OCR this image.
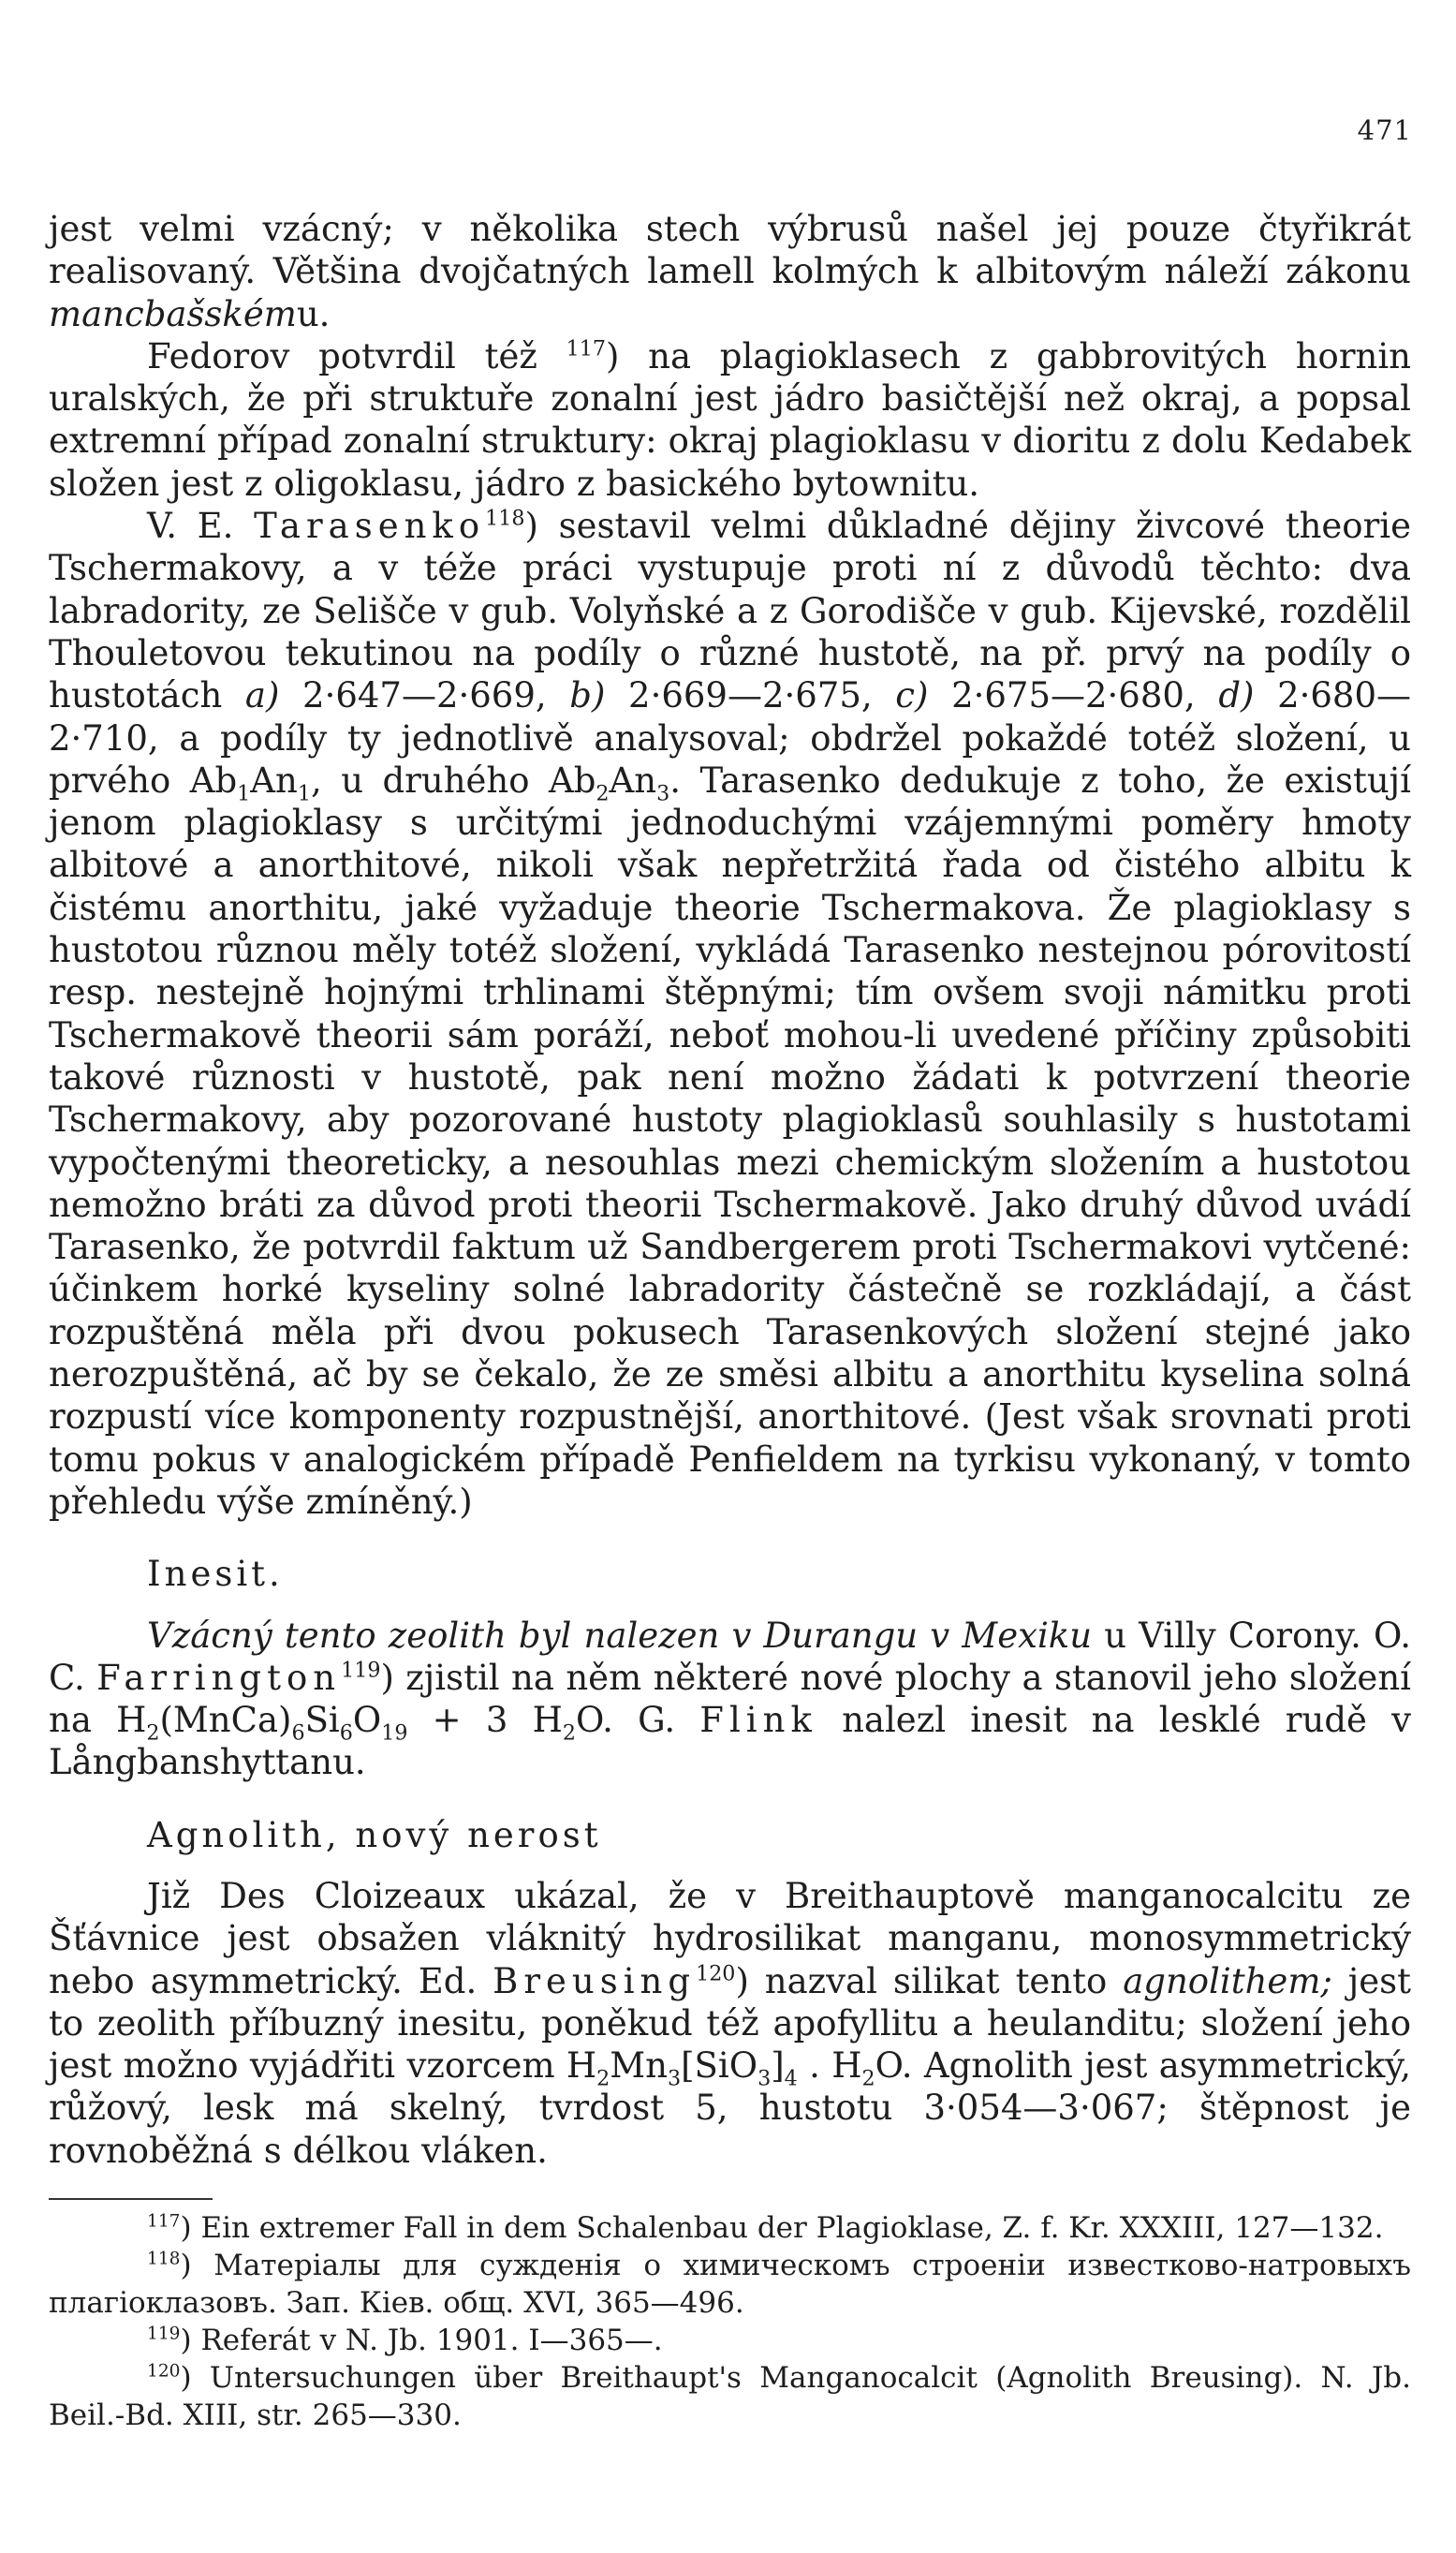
471

jest velmi vzácný; v několika stech výbrusů našel jej pouze čtyřikrát realisovaný. Většina dvojčatných lamell kolmých k albitovým náleží zákonu mancbašskému.

Fedorov potvrdil též $^{117}$) na plagioklasech z gabbrovitých hornin uralských, že při struktuře zonalní jest jádro basičtější než okraj, a popsal extremní případ zonalní struktury: okraj plagioklasu v dioritu z dolu Kedabek složen jest z oligoklasu, jádro z basického bytownitu.

V. E. Tarasenko$^{118}$) sestavil velmi důkladné dějiny živcové theorie Tschermakovy, a v téže práci vystupuje proti ní z důvodů těchto: dva labradority, ze Selišče v gub. Volyňské a z Gorodišče v gub. Kijevské, rozdělil Thouletovou tekutinou na podíly o různé hustotě, na př. prvý na podíly o hustotách a) 2·647—2·669, b) 2·669—2·675, c) 2·675—2·680, d) 2·680—2·710, a podíly ty jednotlivě analysoval; obdržel pokaždé totéž složení, u prvého $Ab_1An_1$, u druhého $Ab_2An_3$. Tarasenko dedukuje z toho, že existují jenom plagioklasy s určitými jednoduchými vzájemnými poměry hmoty albitové a anorthitové, nikoli však nepřetržitá řada od čistého albitu k čistému anorthitu, jaké vyžaduje theorie Tschermakova. Že plagioklasy s hustotou různou měly totéž složení, vykládá Tarasenko nestejnou pórovitostí resp. nestejně hojnými trhlinami štěpnými; tím ovšem svoji námitku proti Tschermakově theorii sám poráží, neboť mohou-li uvedené příčiny způsobiti takové různosti v hustotě, pak není možno žádati k potvrzení theorie Tschermakovy, aby pozorované hustoty plagioklasů souhlasily s hustotami vypočtenými theoreticky, a nesouhlas mezi chemickým složením a hustotou nemožno bráti za důvod proti theorii Tschermakově. Jako druhý důvod uvádí Tarasenko, že potvrdil faktum už Sandbergerem proti Tschermakovi vytčené: účinkem horké kyseliny solné labradority částečně se rozkládají, a část rozpuštěná měla při dvou pokusech Tarasenkových složení stejné jako nerozpuštěná, ač by se čekalo, že ze směsi albitu a anorthitu kyselina solná rozpustí více komponenty rozpustnější, anorthitové. (Jest však srovnati proti tomu pokus v analogickém případě Penfieldem na tyrkisu vykonaný, v tomto přehledu výše zmíněný.)

Inesit.

Vzácný tento zeolith byl nalezen v Durangu v Mexiku u Villy Corony. O. C. Farrington$^{119}$) zjistil na něm některé nové plochy a stanovil jeho složení na $H_2(MnCa)_6Si_6O_{19} + 3$ $H_2O$. G. Flink nalezl inesit na lesklé rudě v Långbanshyttanu.

Agnolith, nový nerost

Již Des Cloizeaux ukázal, že v Breithauptově manganocalcitu ze Šťávnice jest obsažen vláknitý hydrosilikat manganu, monosymmetrický nebo asymmetrický. Ed. Breusing$^{120}$) nazval silikat tento agnolithem; jest to zeolith příbuzný inesitu, poněkud též apofyllitu a heulanditu; složení jeho jest možno vyjádřiti vzorcem $H_2Mn_3[SiO_3]_4$ . $H_2O$. Agnolith jest asymmetrický, růžový, lesk má skelný, tvrdost 5, hustotu 3·054—3·067; štěpnost je rovnoběžná s délkou vláken.

$^{117}$) Ein extremer Fall in dem Schalenbau der Plagioklase, Z. f. Kr. XXXIII, 127—132.

$^{118}$) Матеріалы для сужденія о химическомъ строеніи известково-натровыхъ плагіоклазовъ. Зап. Кіев. общ. XVI, 365—496.

$^{119}$) Referát v N. Jb. 1901. I—365—.

$^{120}$) Untersuchungen über Breithaupt's Manganocalcit (Agnolith Breusing). N. Jb. Beil.-Bd. XIII, str. 265—330.
